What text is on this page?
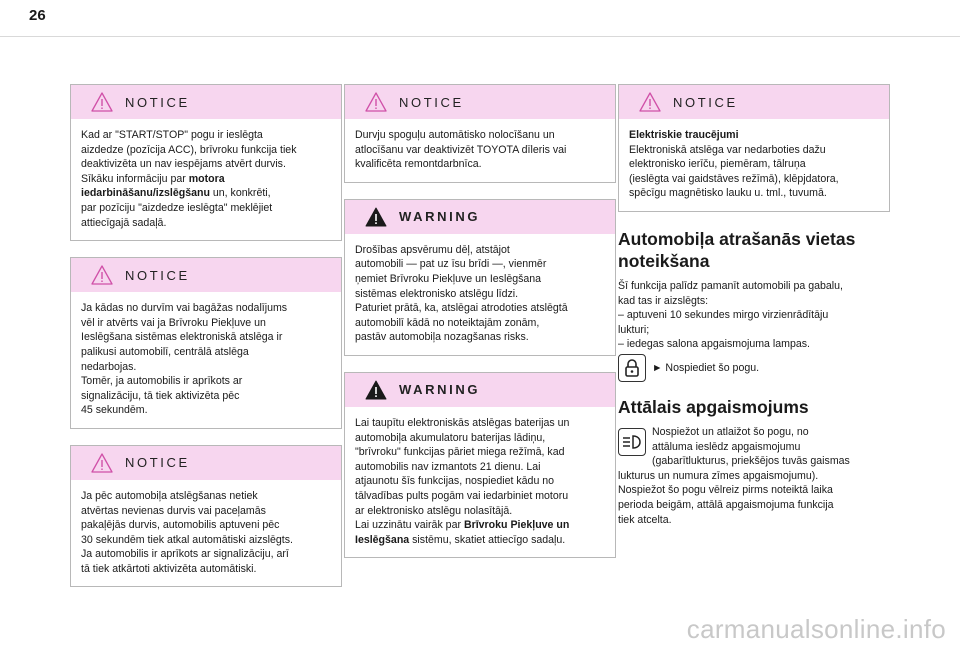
26
NOTICE
Kad ar "START/STOP" pogu ir ieslēgta
aizdedze (pozīcija ACC), brīvroku funkcija tiek
deaktivizēta un nav iespējams atvērt durvis.
Sīkāku informāciju par motora
iedarbināšanu/izslēgšanu un, konkrēti,
par pozīciju "aizdedze ieslēgta" meklējiet
attiecīgajā sadaļā.
NOTICE
Ja kādas no durvīm vai bagāžas nodalījums
vēl ir atvērts vai ja Brīvroku Piekļuve un
Ieslēgšana sistēmas elektroniskā atslēga ir
palikusi automobilī, centrālā atslēga
nedarbojas.
Tomēr, ja automobilis ir aprīkots ar
signalizāciju, tā tiek aktivizēta pēc
45 sekundēm.
NOTICE
Ja pēc automobiļa atslēgšanas netiek
atvērtas nevienas durvis vai paceļamās
pakaļējās durvis, automobilis aptuveni pēc
30 sekundēm tiek atkal automātiski aizslēgts.
Ja automobilis ir aprīkots ar signalizāciju, arī
tā tiek atkārtoti aktivizēta automātiski.
NOTICE
Durvju spoguļu automātisko nolocīšanu un
atlocīšanu var deaktivizēt TOYOTA dīleris vai
kvalificēta remontdarbnīca.
WARNING
Drošības apsvērumu dēļ, atstājot
automobili — pat uz īsu brīdi —, vienmēr
ņemiet Brīvroku Piekļuve un Ieslēgšana
sistēmas elektronisko atslēgu līdzi.
Paturiet prātā, ka, atslēgai atrodoties atslēgtā
automobilī kādā no noteiktajām zonām,
pastāv automobiļa nozagšanas risks.
WARNING
Lai taupītu elektroniskās atslēgas baterijas un
automobiļa akumulatoru baterijas lādiņu,
"brīvroku" funkcijas pāriet miega režīmā, kad
automobilis nav izmantots 21 dienu. Lai
atjaunotu šīs funkcijas, nospiediet kādu no
tālvadības pults pogām vai iedarbiniet motoru
ar elektronisko atslēgu nolasītājā.
Lai uzzinātu vairāk par Brīvroku Piekļuve un
Ieslēgšana sistēmu, skatiet attiecīgo sadaļu.
NOTICE
Elektriskie traucējumi
Elektroniskā atslēga var nedarboties dažu
elektronisko ierīču, piemēram, tālruņa
(ieslēgta vai gaidstāves režīmā), klēpjdatora,
spēcīgu magnētisko lauku u. tml., tuvumā.
Automobiļa atrašanās vietas
noteikšana
Šī funkcija palīdz pamanīt automobili pa gabalu,
kad tas ir aizslēgts:
– aptuveni 10 sekundes mirgo virzienrādītāju
lukturi;
– iedegas salona apgaismojuma lampas.
► Nospiediet šo pogu.
Attālais apgaismojums
Nospiežot un atlaižot šo pogu, no
attāluma ieslēdz apgaismojumu
(gabarītlukturus, priekšējos tuvās gaismas
lukturus un numura zīmes apgaismojumu).
Nospiežot šo pogu vēlreiz pirms noteiktā laika
perioda beigām, attālā apgaismojuma funkcija
tiek atcelta.
carmanualsonline.info
